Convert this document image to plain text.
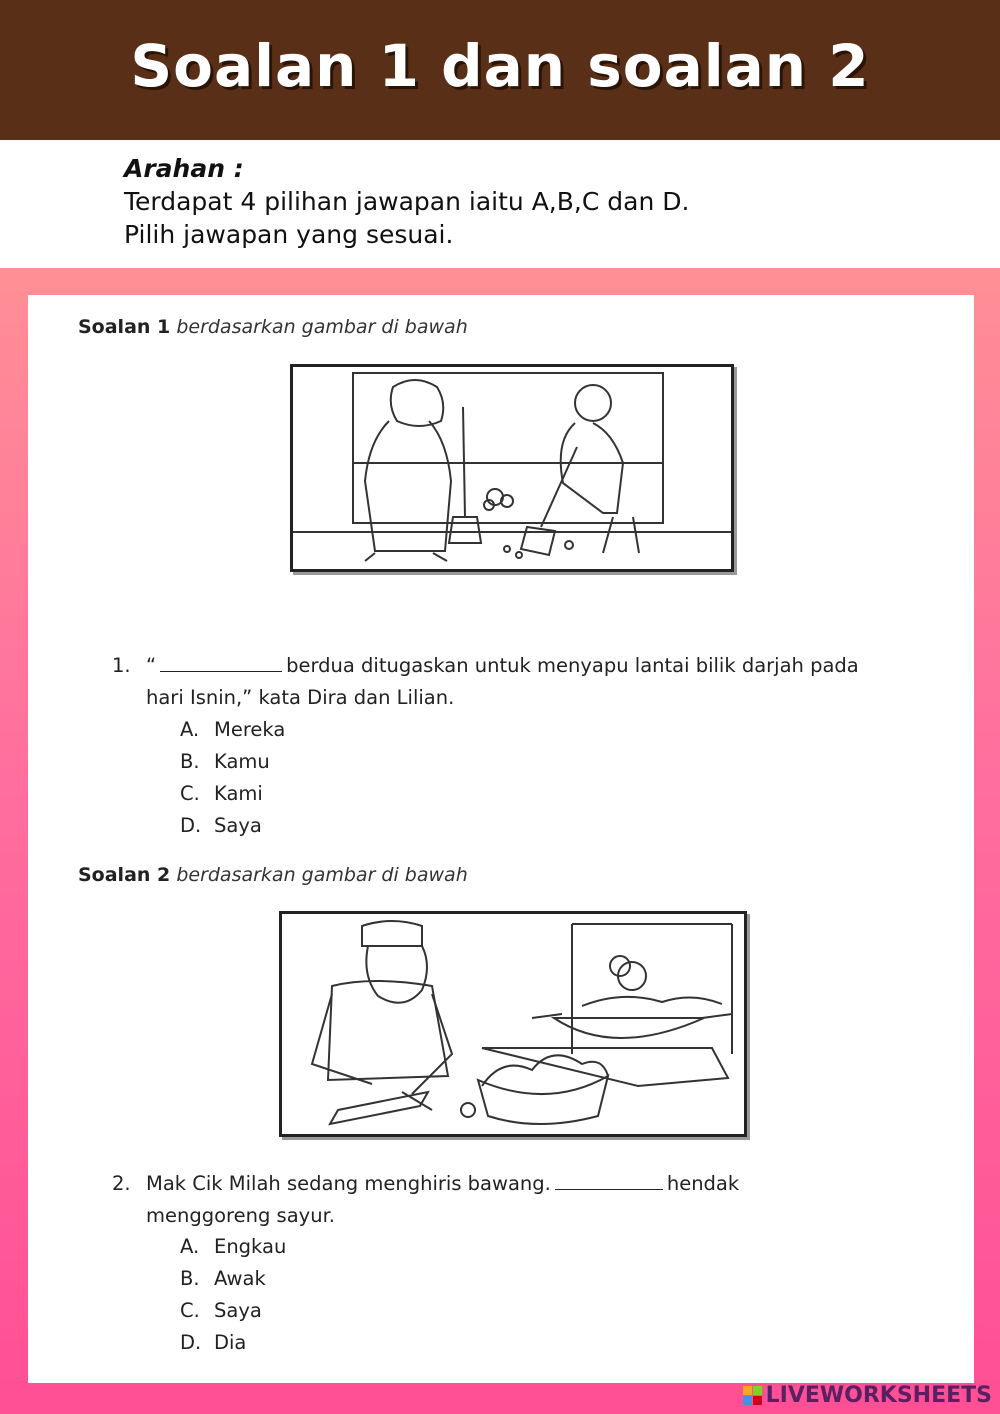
Soalan 1 dan soalan 2
Arahan :
Terdapat 4 pilihan jawapan iaitu A,B,C dan D.
Pilih jawapan yang sesuai.
Soalan 1 berdasarkan gambar di bawah
1. “	berdua ditugaskan untuk menyapu lantai bilik darjah pada
hari Isnin,” kata Dira dan Lilian.
A. Mereka
B. Kamu
C. Kami
D. Saya
Soalan 2 berdasarkan gambar di bawah
2. Mak Cik Milah sedang menghiris bawang.	hendak
menggoreng sayur.
A. Engkau
B. Awak
C. Saya
D. Dia
LIVEWORKSHEETS
